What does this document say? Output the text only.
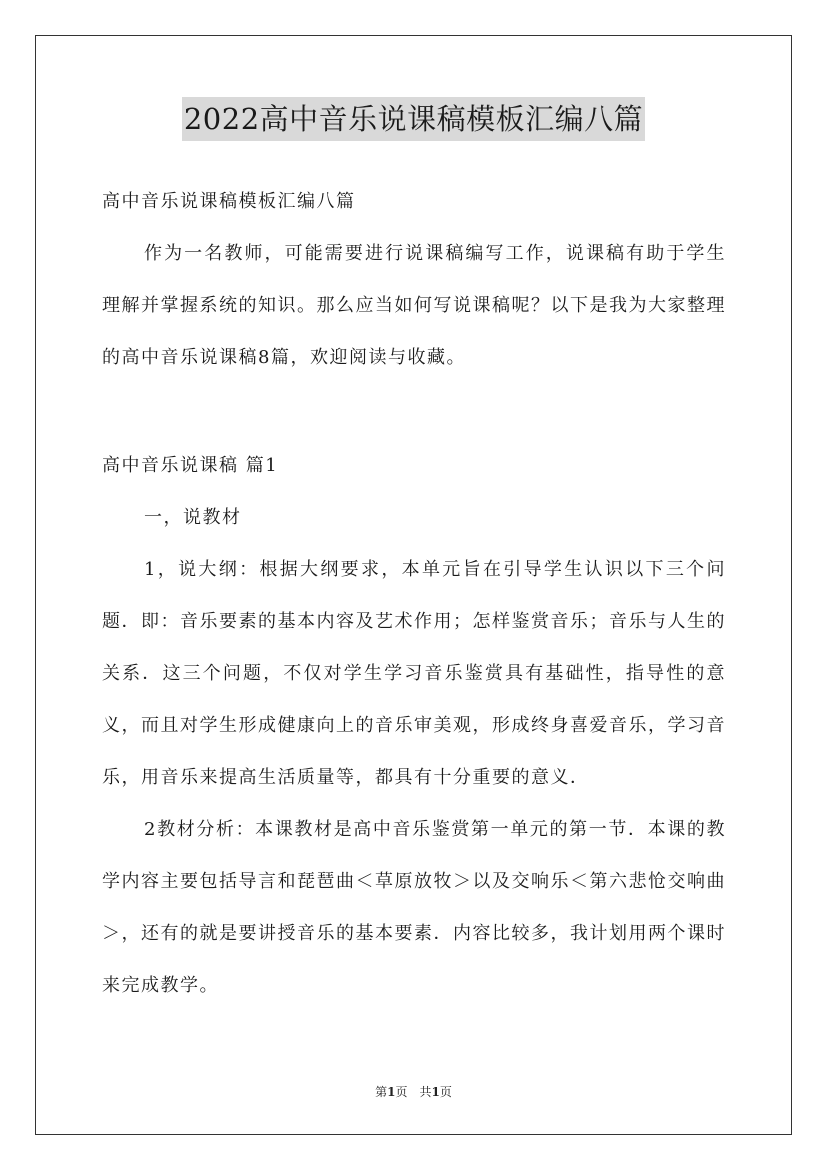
2022高中音乐说课稿模板汇编八篇

高中音乐说课稿模板汇编八篇

作为一名教师，可能需要进行说课稿编写工作，说课稿有助于学生理解并掌握系统的知识。那么应当如何写说课稿呢？以下是我为大家整理的高中音乐说课稿8篇，欢迎阅读与收藏。

高中音乐说课稿 篇1

一，说教材

1，说大纲：根据大纲要求，本单元旨在引导学生认识以下三个问题．即：音乐要素的基本内容及艺术作用；怎样鉴赏音乐；音乐与人生的关系．这三个问题，不仅对学生学习音乐鉴赏具有基础性，指导性的意义，而且对学生形成健康向上的音乐审美观，形成终身喜爱音乐，学习音乐，用音乐来提高生活质量等，都具有十分重要的意义．

2教材分析：本课教材是高中音乐鉴赏第一单元的第一节．本课的教学内容主要包括导言和琵琶曲＜草原放牧＞以及交响乐＜第六悲怆交响曲＞，还有的就是要讲授音乐的基本要素．内容比较多，我计划用两个课时来完成教学。

第1页　共1页
